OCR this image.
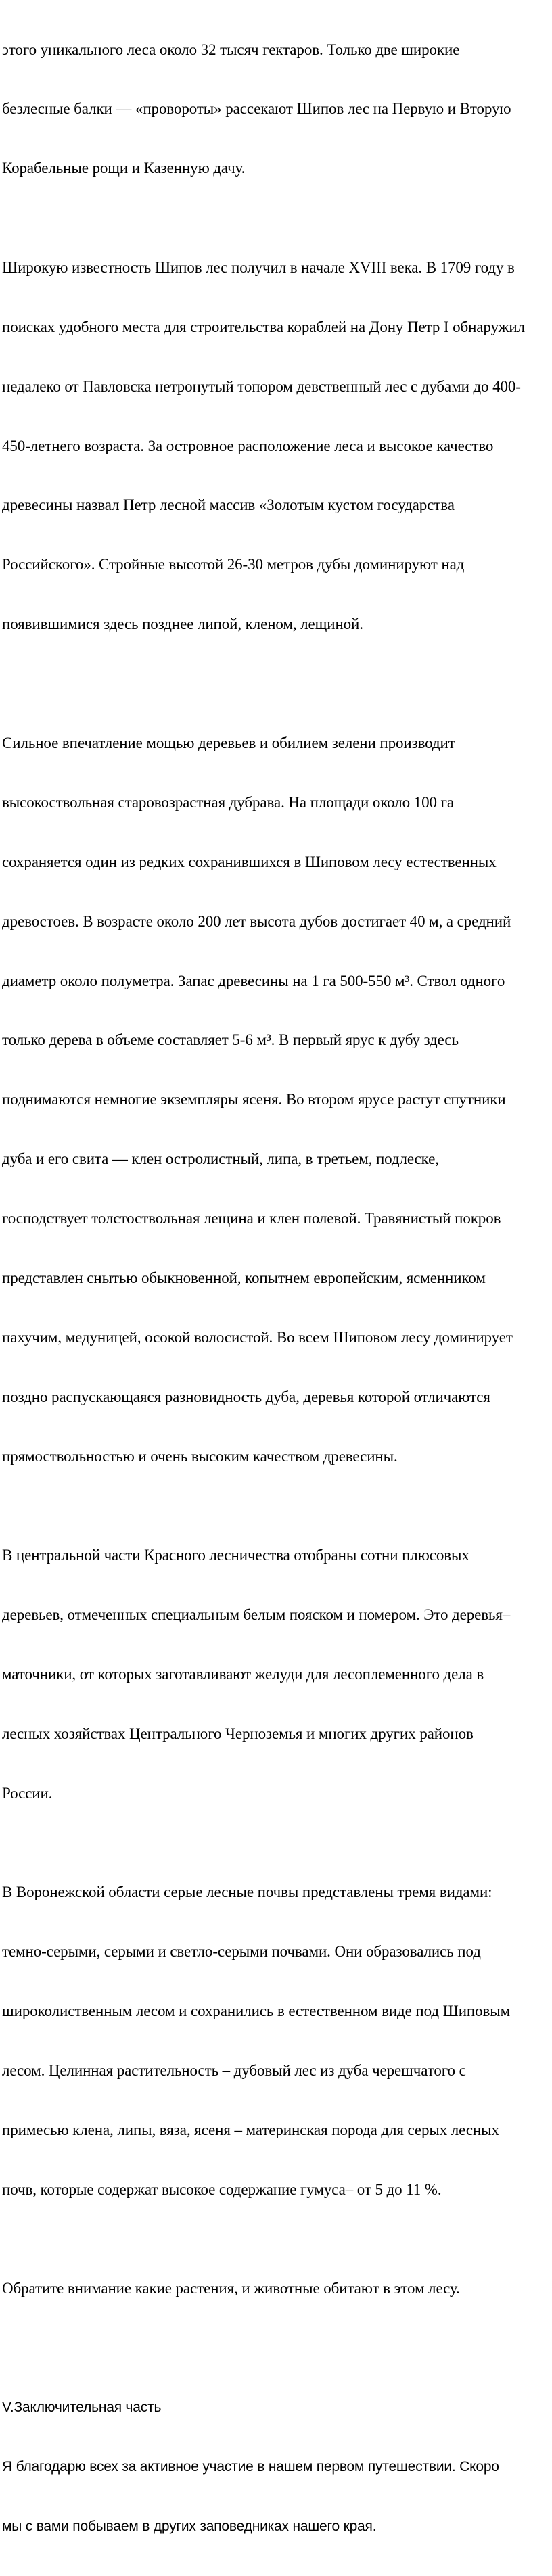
этого уникального леса около 32 тысяч гектаров. Только две широкие

безлесные балки — «провороты» рассекают Шипов лес на Первую и Вторую

Корабельные рощи и Казенную дачу.

Широкую известность Шипов лес получил в начале XVIII века. В 1709 году в

поисках удобного места для строительства кораблей на Дону Петр I обнаружил

недалеко от Павловска нетронутый топором девственный лес с дубами до 400-

450-летнего возраста. За островное расположение леса и высокое качество

древесины назвал Петр лесной массив «Золотым кустом государства

Российского». Стройные высотой 26-30 метров дубы доминируют над

появившимися здесь позднее липой, кленом, лещиной.

Сильное впечатление мощью деревьев и обилием зелени производит

высокоствольная старовозрастная дубрава. На площади около 100 га

сохраняется один из редких сохранившихся в Шиповом лесу естественных

древостоев. В возрасте около 200 лет высота дубов достигает 40 м, а средний

диаметр около полуметра. Запас древесины на 1 га 500-550 м³. Ствол одного

только дерева в объеме составляет 5-6 м³. В первый ярус к дубу здесь

поднимаются немногие экземпляры ясеня. Во втором ярусе растут спутники

дуба и его свита — клен остролистный, липа, в третьем, подлеске,

господствует толстоствольная лещина и клен полевой. Травянистый покров

представлен снытью обыкновенной, копытнем европейским, ясменником

пахучим, медуницей, осокой волосистой. Во всем Шиповом лесу доминирует

поздно распускающаяся разновидность дуба, деревья которой отличаются

прямоствольностью и очень высоким качеством древесины.

В центральной части Красного лесничества отобраны сотни плюсовых

деревьев, отмеченных специальным белым пояском и номером. Это деревья–

маточники, от которых заготавливают желуди для лесоплеменного дела в

лесных хозяйствах Центрального Черноземья и многих других районов

России.

В Воронежской области серые лесные почвы представлены тремя видами:

темно-серыми, серыми и светло-серыми почвами. Они образовались под

широколиственным лесом и сохранились в естественном виде под Шиповым

лесом. Целинная растительность – дубовый лес из дуба черешчатого с

примесью клена, липы, вяза, ясеня – материнская порода для серых лесных

почв, которые содержат высокое содержание гумуса– от 5 до 11 %.

Обратите внимание какие растения, и животные обитают в этом лесу.

V.Заключительная часть

Я благодарю всех за активное участие в нашем первом путешествии. Скоро

мы с вами побываем в других заповедниках нашего края.
